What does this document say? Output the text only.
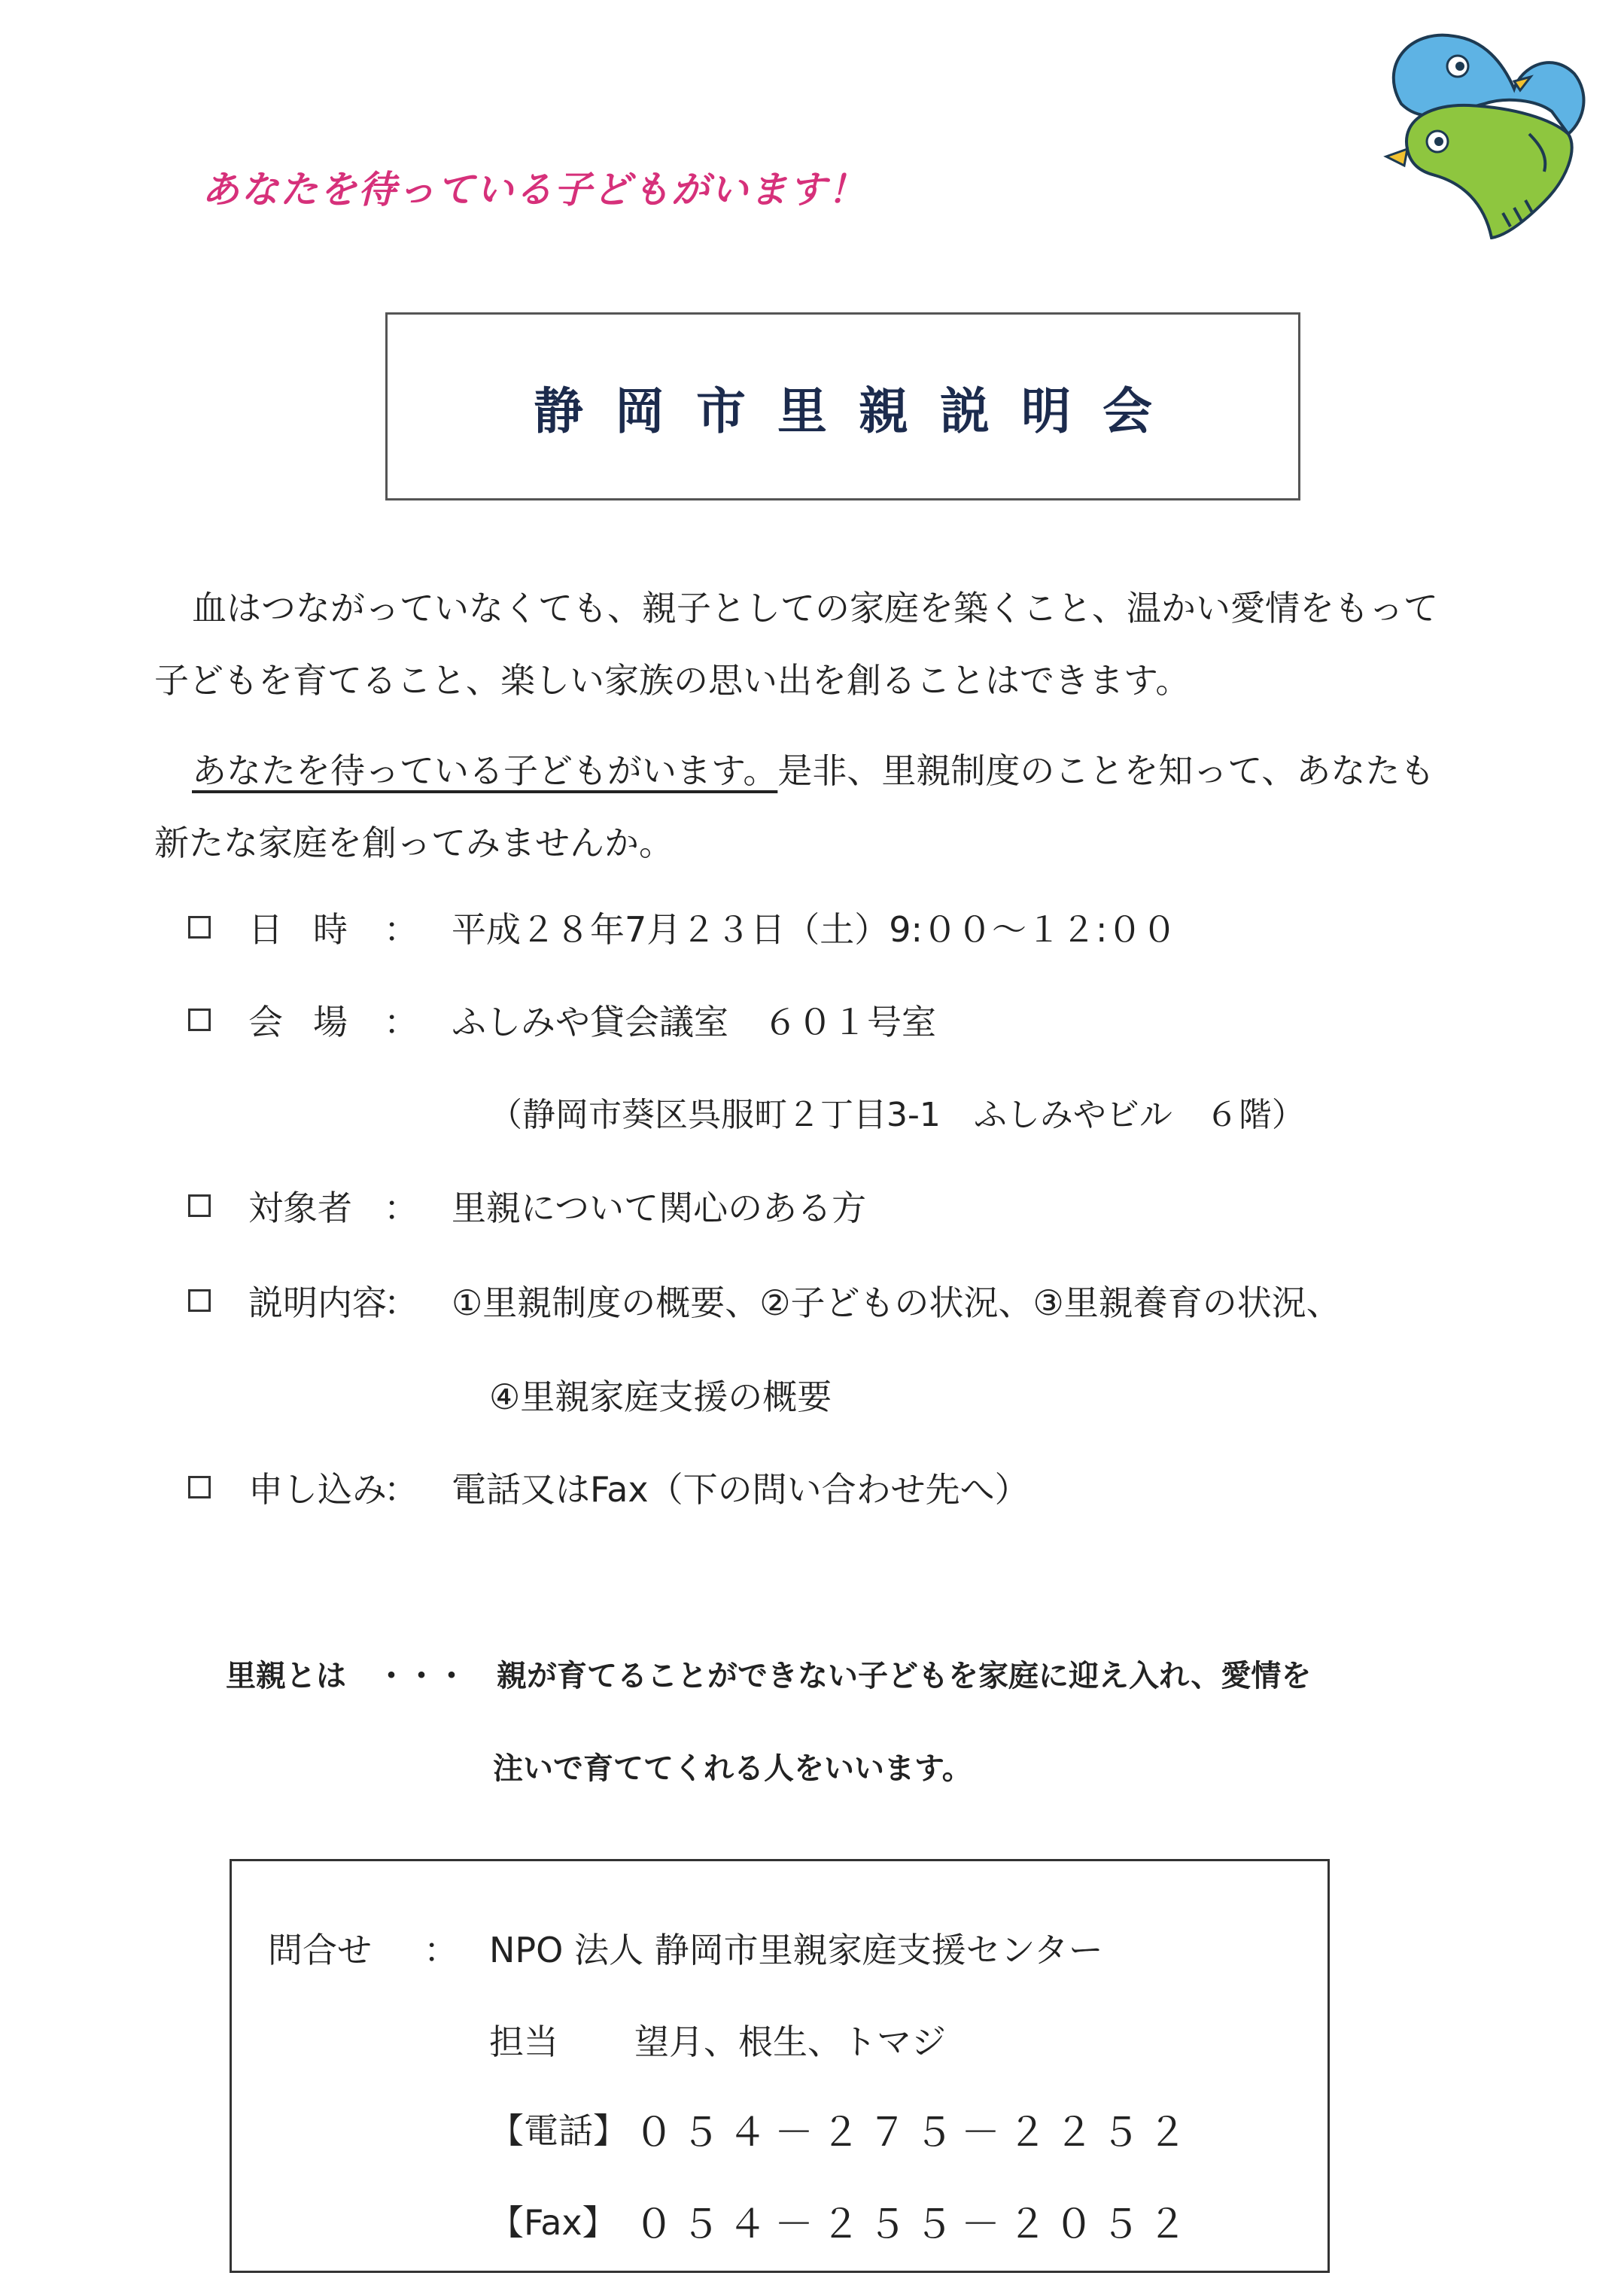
あなたを待っている子どもがいます！
静岡市里親説明会
血はつながっていなくても、親子としての家庭を築くこと、温かい愛情をもって
子どもを育てること、楽しい家族の思い出を創ることはできます。
あなたを待っている子どもがいます。是非、里親制度のことを知って、あなたも
新たな家庭を創ってみませんか。
日時 ： 平成２８年7月２３日（土）9:００～１２:００
会場 ： ふしみや貸会議室　６０１号室
（静岡市葵区呉服町２丁目3-1　ふしみやビル　６階）
対象者 ： 里親について関心のある方
説明内容
： ①里親制度の概要、②子どもの状況、③里親養育の状況、
④里親家庭支援の概要
申し込み
： 電話又はFax（下の問い合わせ先へ）
里親とは　・・・　親が育てることができない子どもを家庭に迎え入れ、愛情を
注いで育ててくれる人をいいます。
問合せ ： NPO 法人 静岡市里親家庭支援センター
担当 望月、根生、トマジ
【電話】 ０５４－２７５－２２５２
【Fax】 ０５４－２５５－２０５２
